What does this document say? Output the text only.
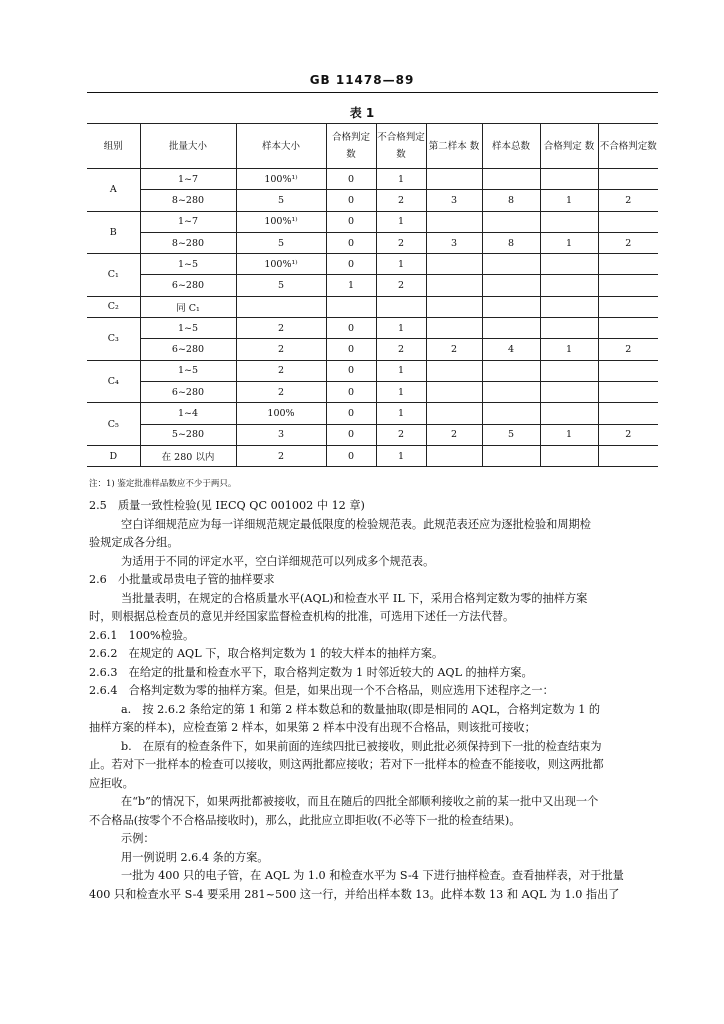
GB 11478—89
表 1
组别	批量大小	样本大小	合格判定 数	不合格判定数	第二样本 数	样本总数	合格判定 数	不合格判定数
A	1~7	100%¹⁾	0	1				
	8~280	5	0	2	3	8	1	2
B	1~7	100%¹⁾	0	1				
	8~280	5	0	2	3	8	1	2
C₁	1~5	100%¹⁾	0	1				
	6~280	5	1	2				
C₂	同 C₁							
C₃	1~5	2	0	1				
	6~280	2	0	2	2	4	1	2
C₄	1~5	2	0	1				
	6~280	2	0	1				
C₅	1~4	100%	0	1				
	5~280	3	0	2	2	5	1	2
D	在 280 以内	2	0	1				
注：1) 鉴定批准样品数应不少于两只。

2.5　质量一致性检验(见 IECQ QC 001002 中 12 章)

空白详细规范应为每一详细规范规定最低限度的检验规范表。此规范表还应为逐批检验和周期检

验规定成各分组。

为适用于不同的评定水平，空白详细规范可以列成多个规范表。

2.6　小批量或昂贵电子管的抽样要求

当批量表明，在规定的合格质量水平(AQL)和检查水平 IL 下，采用合格判定数为零的抽样方案

时，则根据总检查员的意见并经国家监督检查机构的批准，可选用下述任一方法代替。

2.6.1　100%检验。

2.6.2　在规定的 AQL 下，取合格判定数为 1 的较大样本的抽样方案。

2.6.3　在给定的批量和检查水平下，取合格判定数为 1 时邻近较大的 AQL 的抽样方案。

2.6.4　合格判定数为零的抽样方案。但是，如果出现一个不合格品，则应选用下述程序之一：

a.　按 2.6.2 条给定的第 1 和第 2 样本数总和的数量抽取(即是相同的 AQL，合格判定数为 1 的

抽样方案的样本)，应检查第 2 样本，如果第 2 样本中没有出现不合格品，则该批可接收；

b.　在原有的检查条件下，如果前面的连续四批已被接收，则此批必须保持到下一批的检查结束为

止。若对下一批样本的检查可以接收，则这两批都应接收；若对下一批样本的检查不能接收，则这两批都

应拒收。

在“b”的情况下，如果两批都被接收，而且在随后的四批全部顺利接收之前的某一批中又出现一个

不合格品(按零个不合格品接收时)，那么，此批应立即拒收(不必等下一批的检查结果)。

示例：

用一例说明 2.6.4 条的方案。

一批为 400 只的电子管，在 AQL 为 1.0 和检查水平为 S-4 下进行抽样检查。查看抽样表，对于批量

400 只和检查水平 S-4 要采用 281~500 这一行，并给出样本数 13。此样本数 13 和 AQL 为 1.0 指出了
